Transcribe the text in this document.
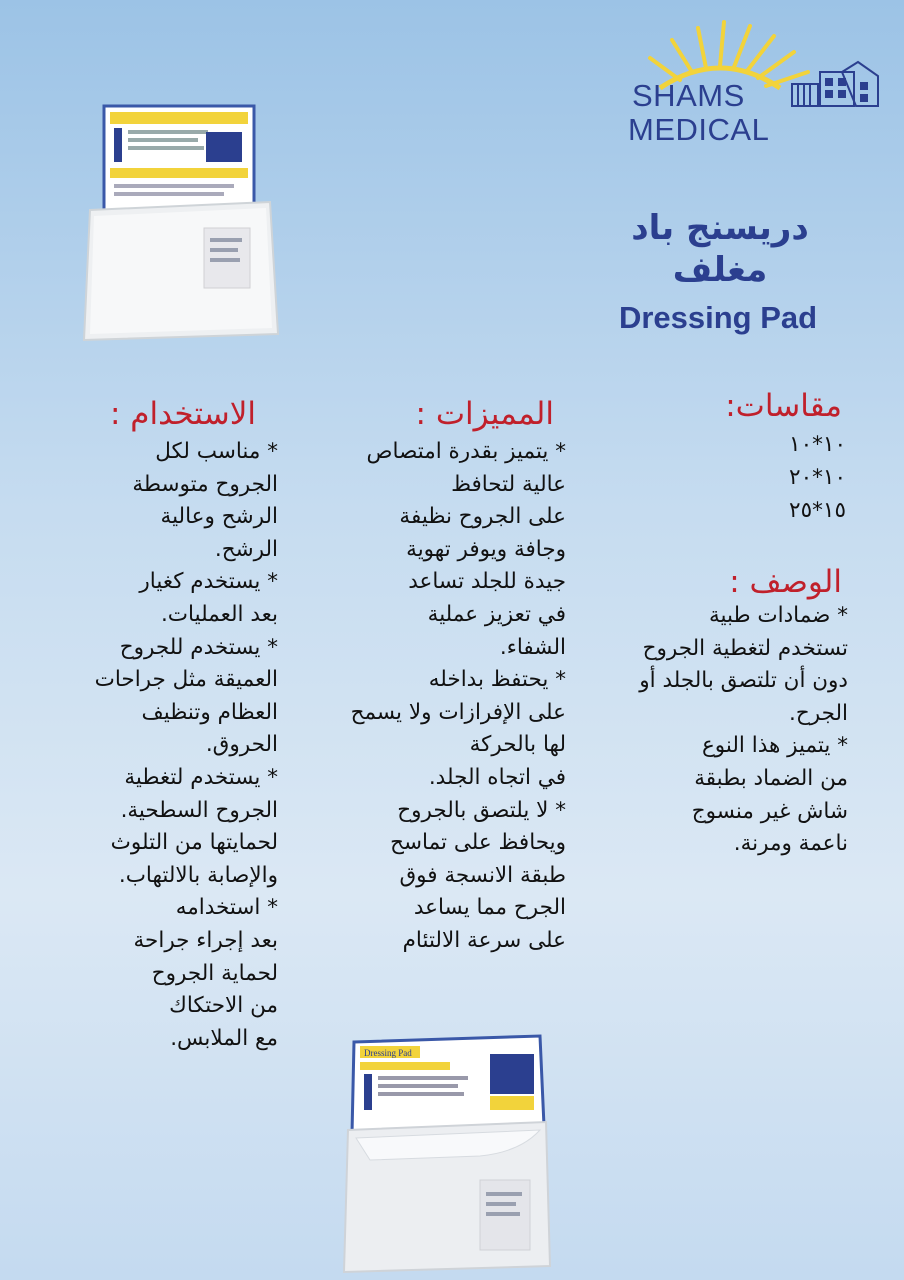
SHAMS
MEDICAL
دريسنج باد
مغلف
Dressing Pad
مقاسات:
١٠*١٠
١٠*٢٠
١٥*٢٥
الوصف :
* ضمادات طبية
تستخدم لتغطية الجروح
دون أن تلتصق بالجلد أو
الجرح.
* يتميز هذا النوع
من الضماد بطبقة
شاش غير منسوج
ناعمة ومرنة.
المميزات :
* يتميز بقدرة امتصاص
عالية لتحافظ
على الجروح نظيفة
وجافة ويوفر تهوية
جيدة للجلد تساعد
في تعزيز عملية
الشفاء.
* يحتفظ بداخله
على الإفرازات ولا يسمح
لها بالحركة
في اتجاه الجلد.
* لا يلتصق بالجروح
ويحافظ على تماسح
طبقة الانسجة فوق
الجرح مما يساعد
على سرعة الالتئام
الاستخدام :
* مناسب لكل
الجروح متوسطة
الرشح وعالية
الرشح.
* يستخدم كغيار
بعد العمليات.
* يستخدم للجروح
العميقة مثل جراحات
العظام وتنظيف
الحروق.
* يستخدم لتغطية
الجروح السطحية.
لحمايتها من التلوث
والإصابة بالالتهاب.
* استخدامه
بعد إجراء جراحة
لحماية الجروح
من الاحتكاك
مع الملابس.
Dressing Pad
